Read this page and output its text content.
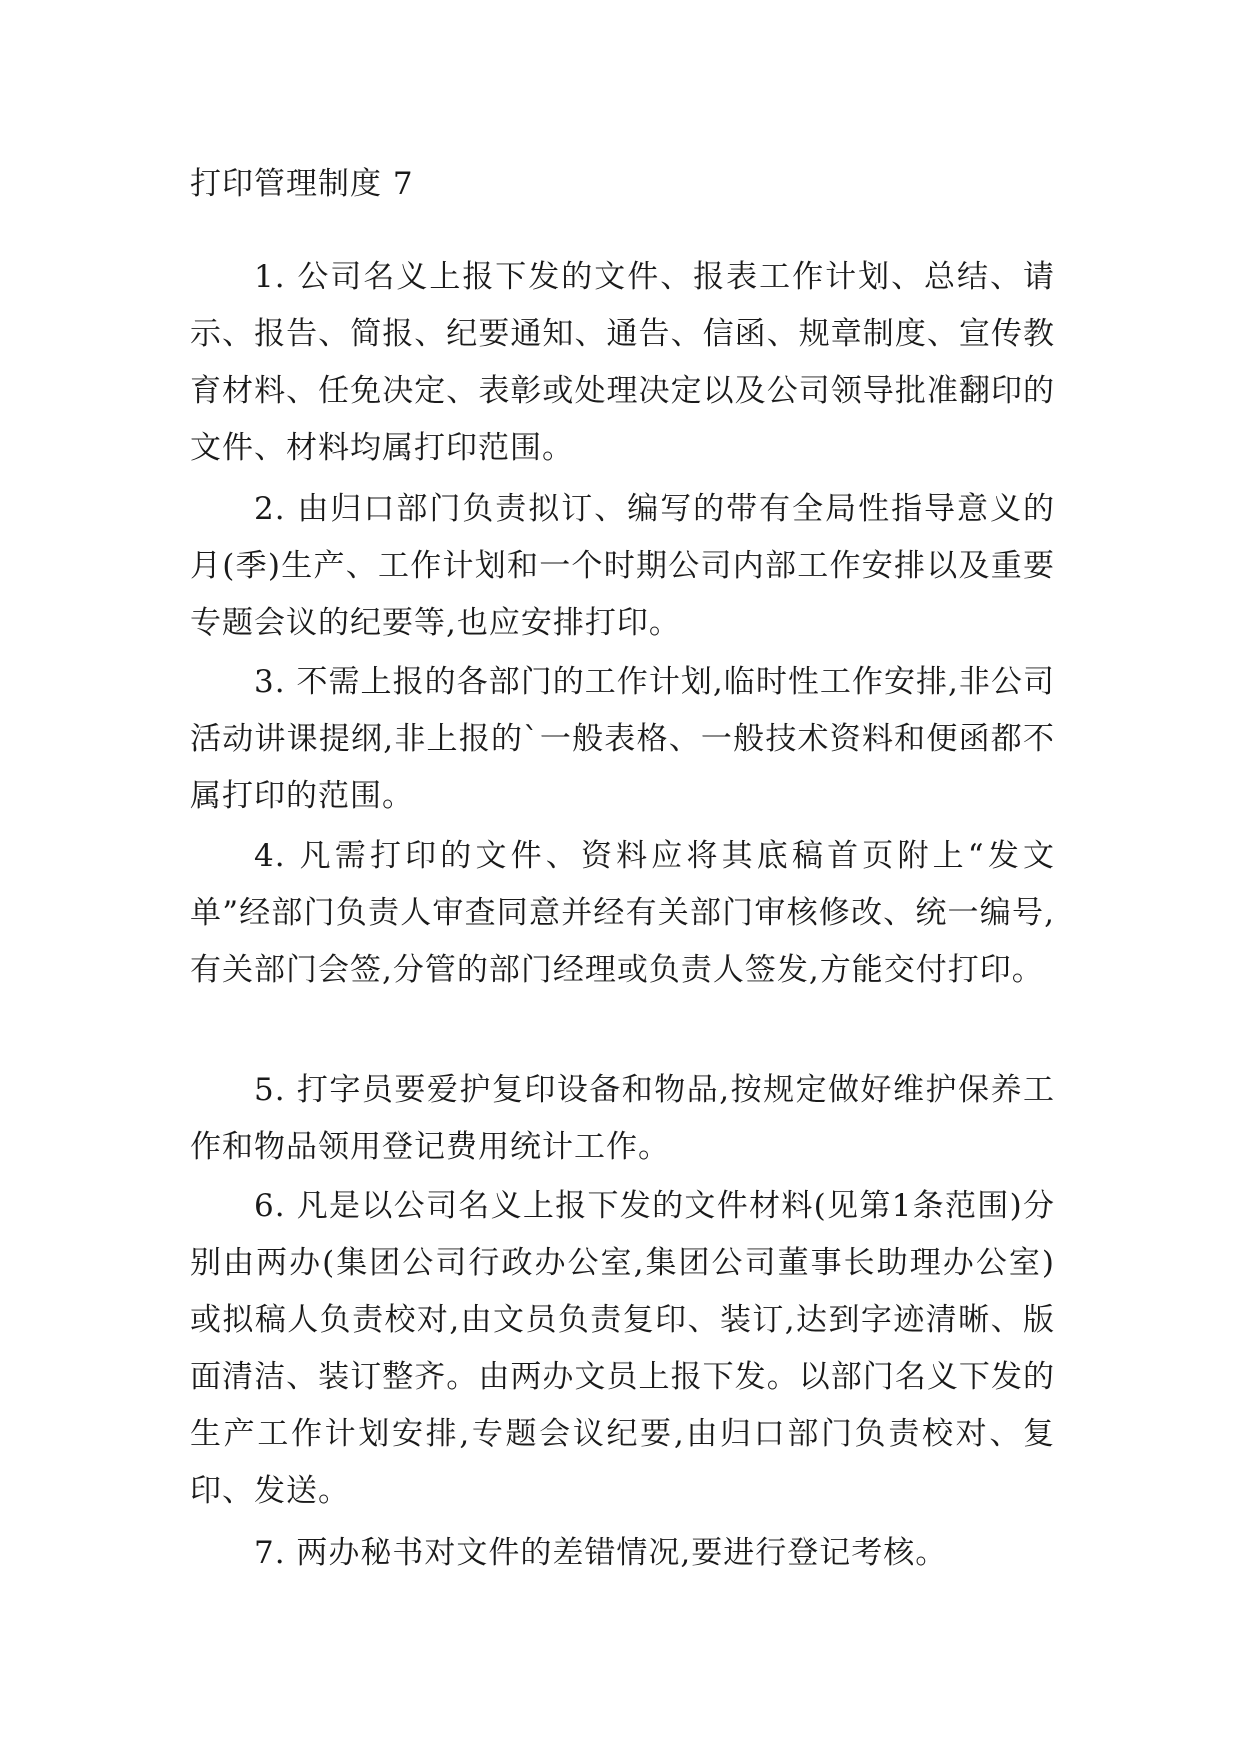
打印管理制度 7

1. 公司名义上报下发的文件、报表工作计划、总结、请示、报告、简报、纪要通知、通告、信函、规章制度、宣传教育材料、任免决定、表彰或处理决定以及公司领导批准翻印的文件、材料均属打印范围。

2. 由归口部门负责拟订、编写的带有全局性指导意义的月(季)生产、工作计划和一个时期公司内部工作安排以及重要专题会议的纪要等,也应安排打印。

3. 不需上报的各部门的工作计划,临时性工作安排,非公司活动讲课提纲,非上报的`一般表格、一般技术资料和便函都不属打印的范围。

4. 凡需打印的文件、资料应将其底稿首页附上“发文单”经部门负责人审查同意并经有关部门审核修改、统一编号,有关部门会签,分管的部门经理或负责人签发,方能交付打印。

5. 打字员要爱护复印设备和物品,按规定做好维护保养工作和物品领用登记费用统计工作。

6. 凡是以公司名义上报下发的文件材料(见第1条范围)分别由两办(集团公司行政办公室,集团公司董事长助理办公室)或拟稿人负责校对,由文员负责复印、装订,达到字迹清晰、版面清洁、装订整齐。由两办文员上报下发。以部门名义下发的生产工作计划安排,专题会议纪要,由归口部门负责校对、复印、发送。

7. 两办秘书对文件的差错情况,要进行登记考核。
